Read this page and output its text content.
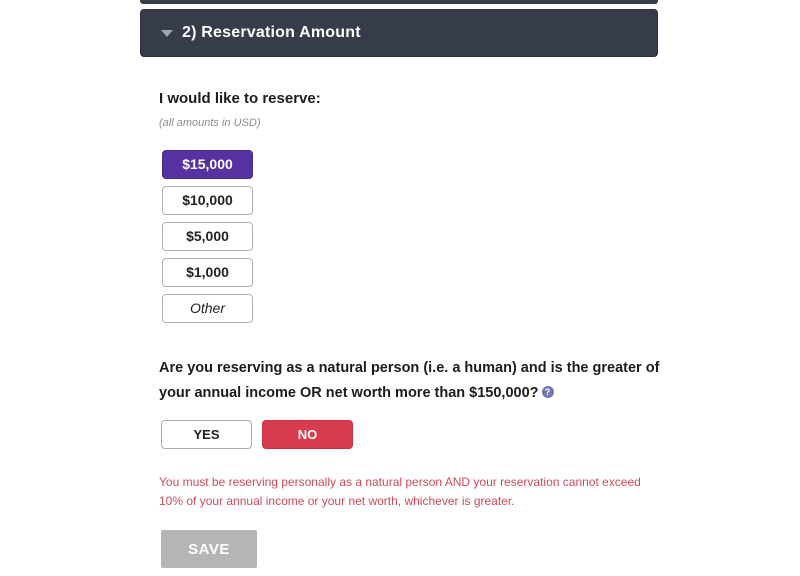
2) Reservation Amount
I would like to reserve:
(all amounts in USD)
$15,000
$10,000
$5,000
$1,000
Other
Are you reserving as a natural person (i.e. a human) and is the greater of your annual income OR net worth more than $150,000? ?
YES	NO
You must be reserving personally as a natural person AND your reservation cannot exceed 10% of your annual income or your net worth, whichever is greater.
SAVE
